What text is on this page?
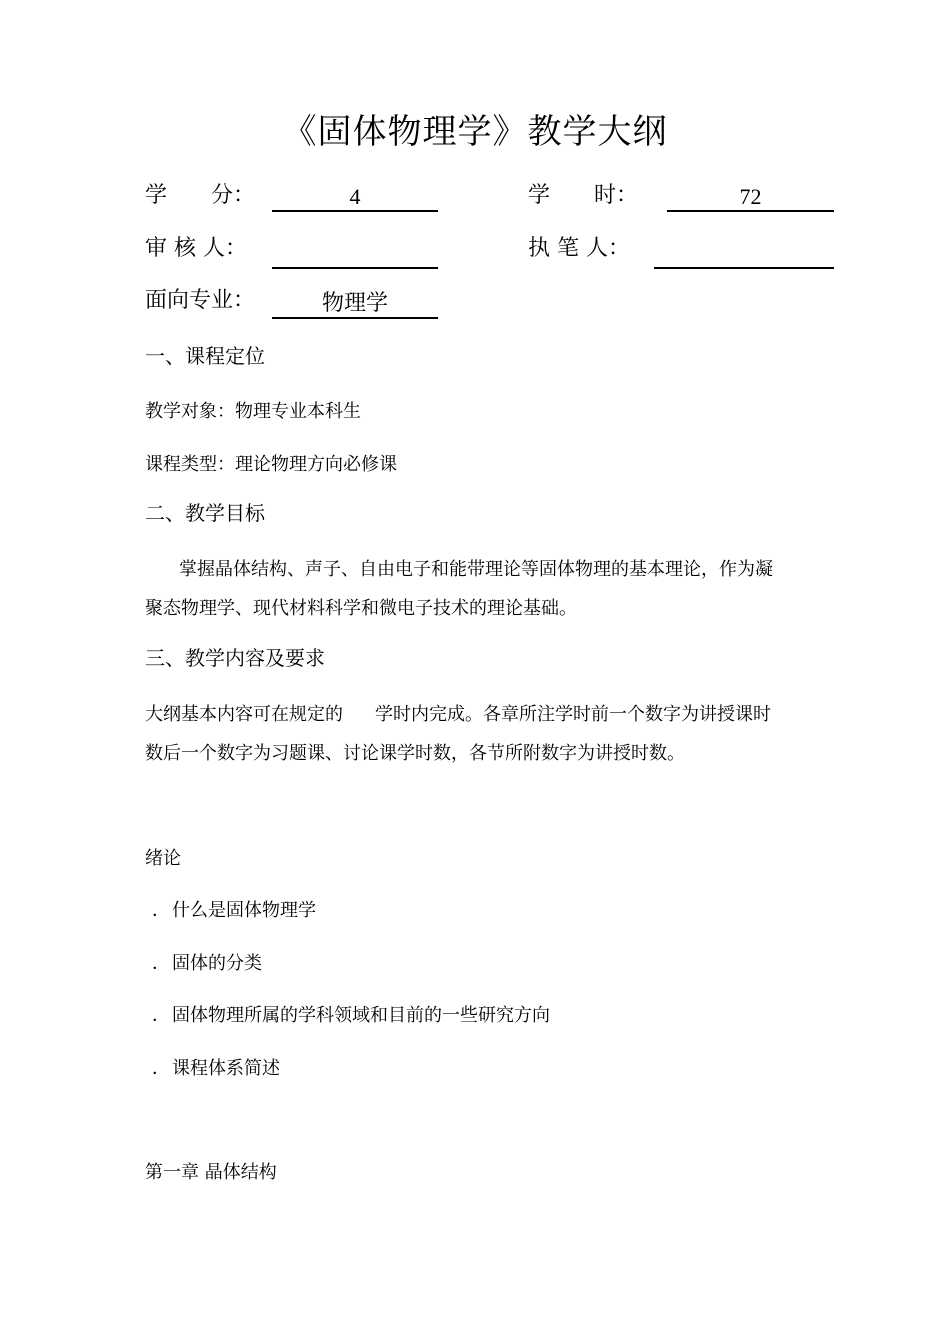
《固体物理学》教学大纲
学　　分：	4	学　　时：	72
审 核 人：	执 笔 人：
面向专业：	物理学
一、课程定位
教学对象：物理专业本科生
课程类型：理论物理方向必修课
二、教学目标
掌握晶体结构、声子、自由电子和能带理论等固体物理的基本理论，作为凝
聚态物理学、现代材料科学和微电子技术的理论基础。
三、教学内容及要求
大纲基本内容可在规定的 学时内完成。各章所注学时前一个数字为讲授课时
数后一个数字为习题课、讨论课学时数，各节所附数字为讲授时数。
绪论
． 什么是固体物理学
． 固体的分类
． 固体物理所属的学科领域和目前的一些研究方向
． 课程体系简述
第一章 晶体结构
